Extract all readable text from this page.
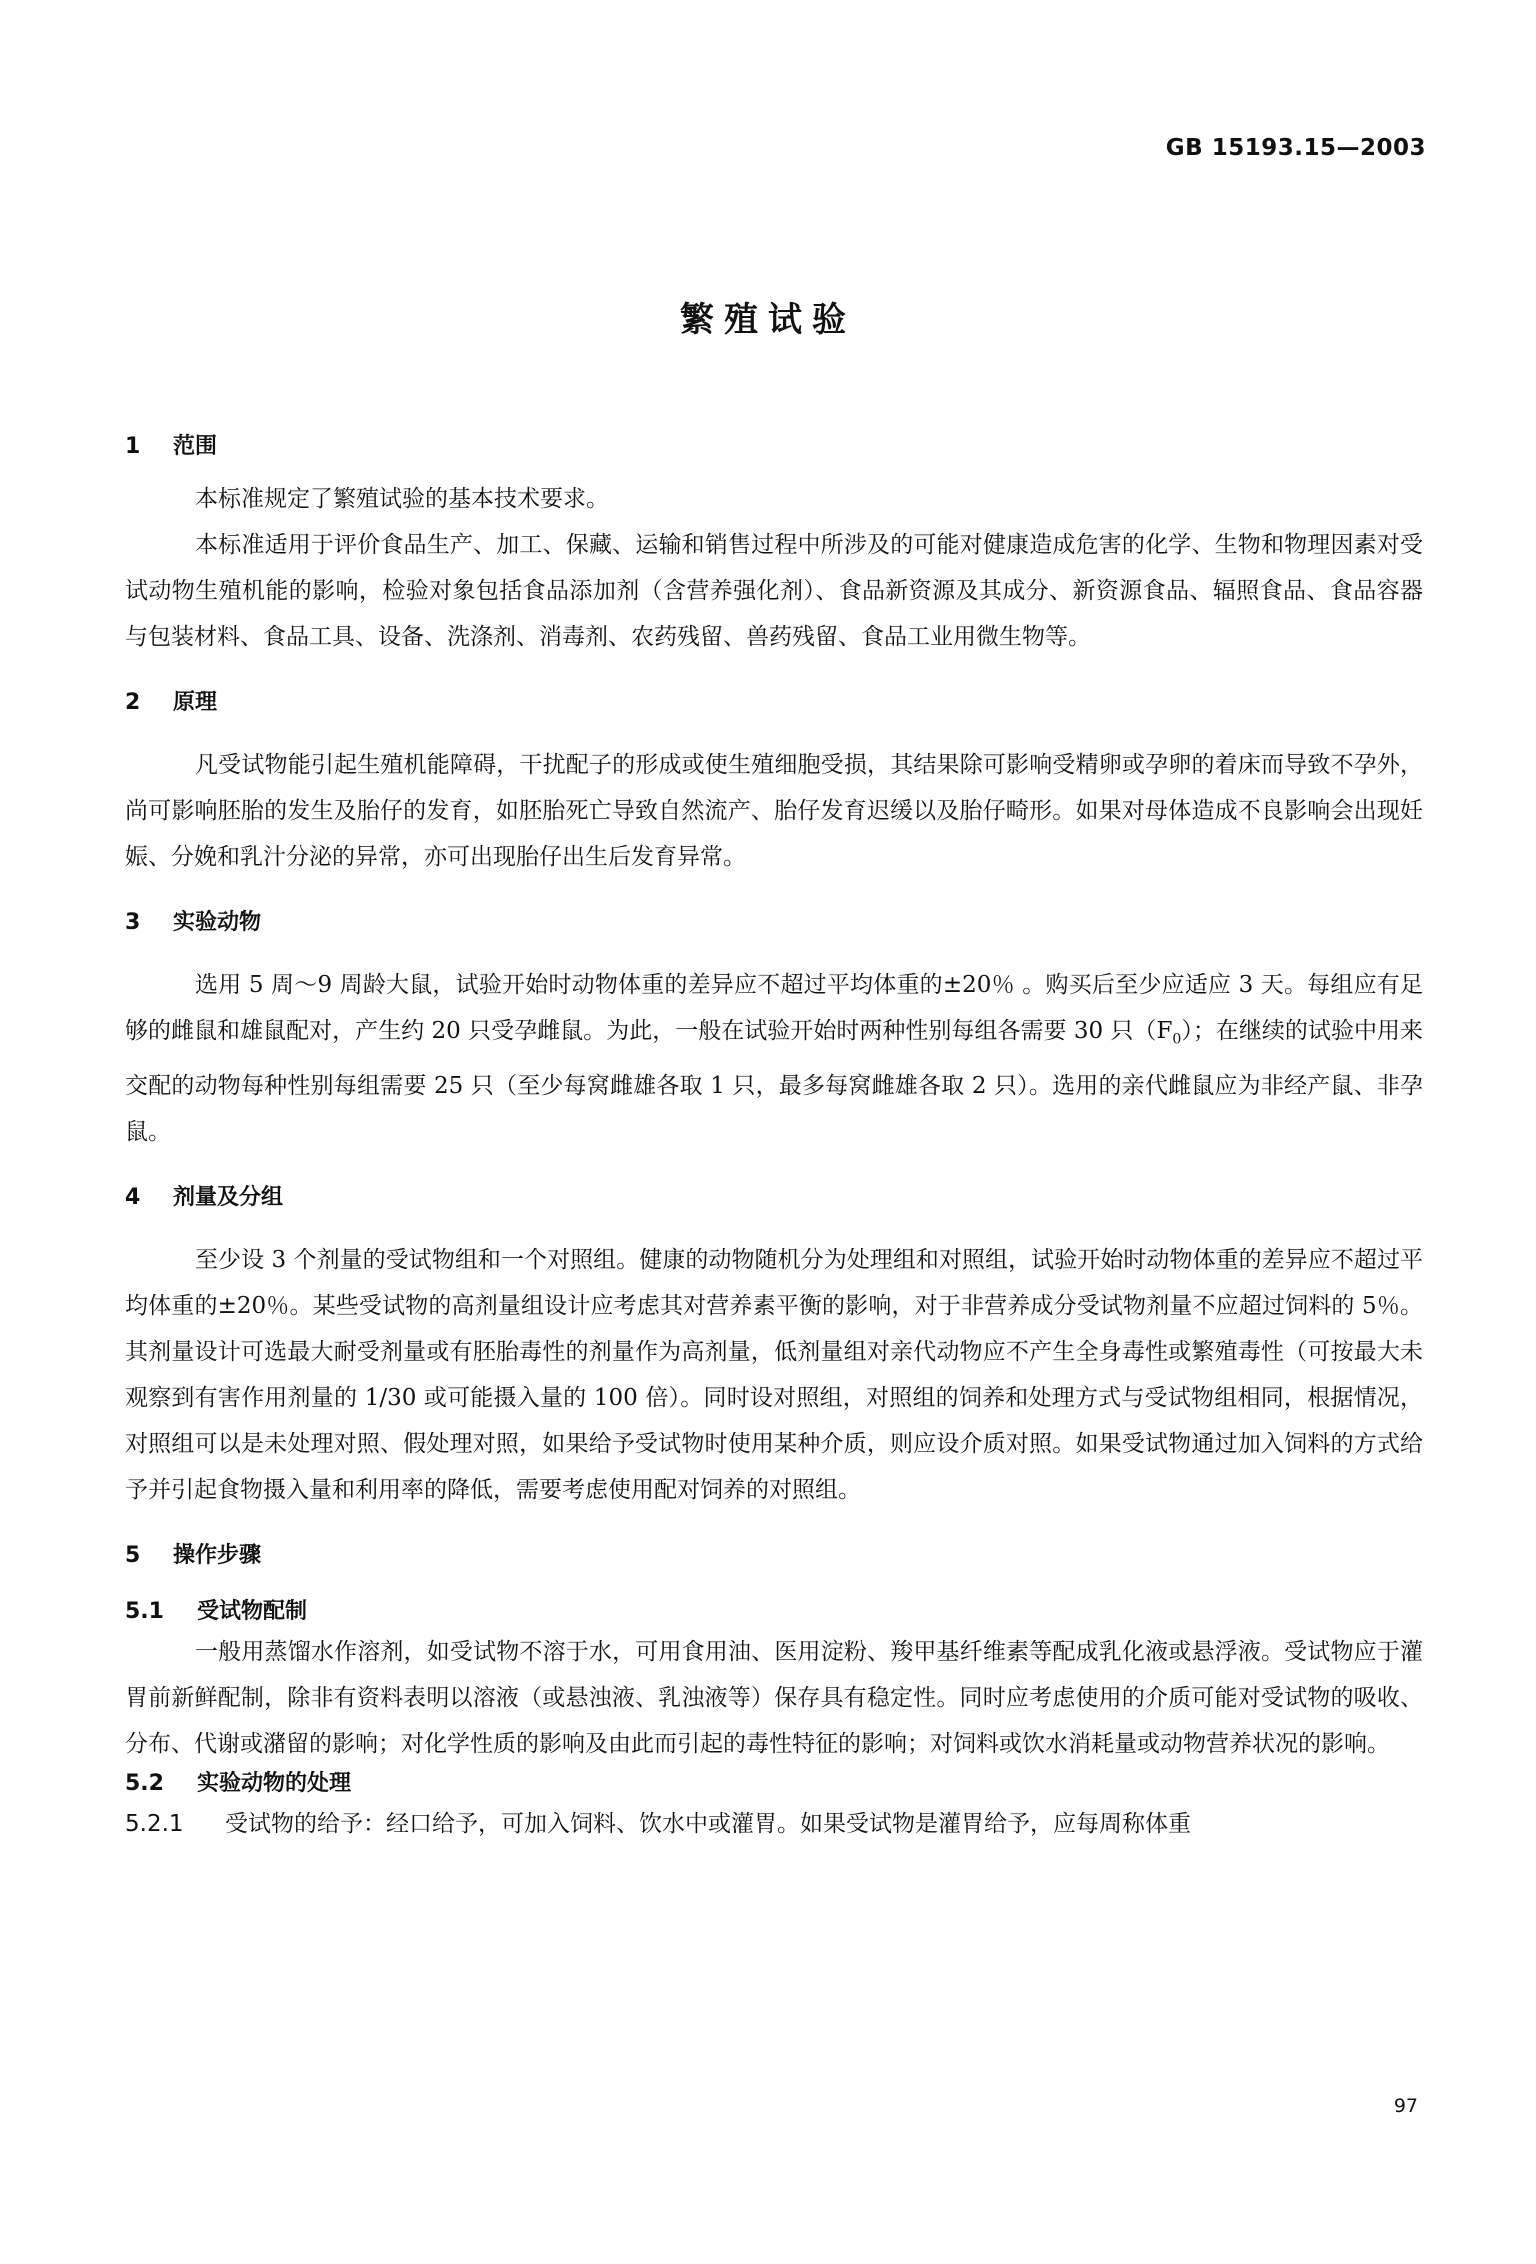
GB 15193.15—2003
繁殖试验
1 范围

本标准规定了繁殖试验的基本技术要求。

本标准适用于评价食品生产、加工、保藏、运输和销售过程中所涉及的可能对健康造成危害的化学、生物和物理因素对受试动物生殖机能的影响，检验对象包括食品添加剂（含营养强化剂）、食品新资源及其成分、新资源食品、辐照食品、食品容器与包装材料、食品工具、设备、洗涤剂、消毒剂、农药残留、兽药残留、食品工业用微生物等。

2 原理

凡受试物能引起生殖机能障碍，干扰配子的形成或使生殖细胞受损，其结果除可影响受精卵或孕卵的着床而导致不孕外，尚可影响胚胎的发生及胎仔的发育，如胚胎死亡导致自然流产、胎仔发育迟缓以及胎仔畸形。如果对母体造成不良影响会出现妊娠、分娩和乳汁分泌的异常，亦可出现胎仔出生后发育异常。

3 实验动物

选用 5 周～9 周龄大鼠，试验开始时动物体重的差异应不超过平均体重的±20％ 。购买后至少应适应 3 天。每组应有足够的雌鼠和雄鼠配对，产生约 20 只受孕雌鼠。为此，一般在试验开始时两种性别每组各需要 30 只$(F_0)$；在继续的试验中用来交配的动物每种性别每组需要 25 只（至少每窝雌雄各取 1 只，最多每窝雌雄各取 2 只）。选用的亲代雌鼠应为非经产鼠、非孕鼠。

4 剂量及分组

至少设 3 个剂量的受试物组和一个对照组。健康的动物随机分为处理组和对照组，试验开始时动物体重的差异应不超过平均体重的±20％。某些受试物的高剂量组设计应考虑其对营养素平衡的影响，对于非营养成分受试物剂量不应超过饲料的 5％。其剂量设计可选最大耐受剂量或有胚胎毒性的剂量作为高剂量，低剂量组对亲代动物应不产生全身毒性或繁殖毒性（可按最大未观察到有害作用剂量的 1/30 或可能摄入量的 100 倍）。同时设对照组，对照组的饲养和处理方式与受试物组相同，根据情况，对照组可以是未处理对照、假处理对照，如果给予受试物时使用某种介质，则应设介质对照。如果受试物通过加入饲料的方式给予并引起食物摄入量和利用率的降低，需要考虑使用配对饲养的对照组。

5 操作步骤
5.1 受试物配制

一般用蒸馏水作溶剂，如受试物不溶于水，可用食用油、医用淀粉、羧甲基纤维素等配成乳化液或悬浮液。受试物应于灌胃前新鲜配制，除非有资料表明以溶液（或悬浊液、乳浊液等）保存具有稳定性。同时应考虑使用的介质可能对受试物的吸收、分布、代谢或潴留的影响；对化学性质的影响及由此而引起的毒性特征的影响；对饲料或饮水消耗量或动物营养状况的影响。

5.2 实验动物的处理

5.2.1 受试物的给予：经口给予，可加入饲料、饮水中或灌胃。如果受试物是灌胃给予，应每周称体重

97
